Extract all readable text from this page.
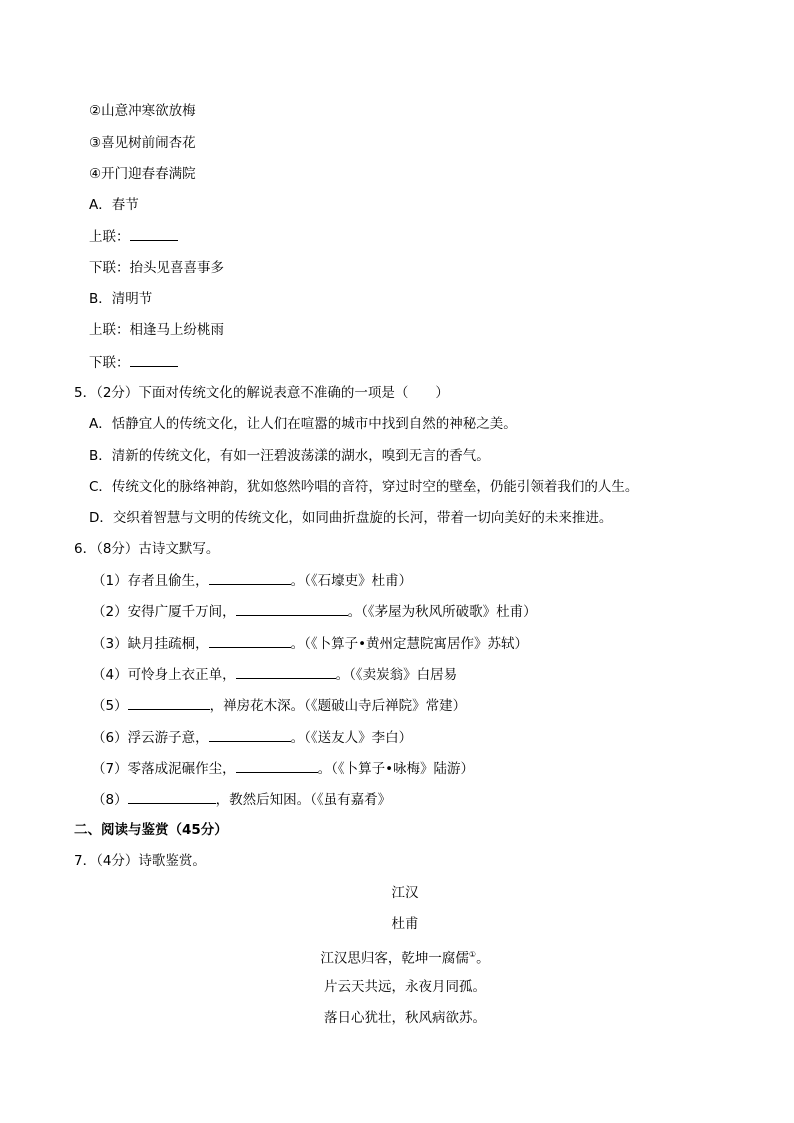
②山意冲寒欲放梅
③喜见树前闹杏花
④开门迎春春满院
A．春节
上联：
下联：抬头见喜喜事多
B．清明节
上联：相逢马上纷桃雨
下联：
5．（2分）下面对传统文化的解说表意不准确的一项是（　　）
A．恬静宜人的传统文化，让人们在喧嚣的城市中找到自然的神秘之美。
B．清新的传统文化，有如一汪碧波荡漾的湖水，嗅到无言的香气。
C．传统文化的脉络神韵，犹如悠然吟唱的音符，穿过时空的壁垒，仍能引领着我们的人生。
D．交织着智慧与文明的传统文化，如同曲折盘旋的长河，带着一切向美好的未来推进。
6．（8分）古诗文默写。
（1）存者且偷生，	。（《石壕吏》杜甫）
（2）安得广厦千万间，	。（《茅屋为秋风所破歌》杜甫）
（3）缺月挂疏桐，	。（《卜算子•黄州定慧院寓居作》苏轼）
（4）可怜身上衣正单，	。（《卖炭翁》白居易
（5）	，禅房花木深。（《题破山寺后禅院》常建）
（6）浮云游子意，	。（《送友人》李白）
（7）零落成泥碾作尘，	。（《卜算子•咏梅》陆游）
（8）	，教然后知困。（《虽有嘉肴》
二、阅读与鉴赏（45分）
7．（4分）诗歌鉴赏。
江汉
杜甫
江汉思归客，乾坤一腐儒①。
片云天共远，永夜月同孤。
落日心犹壮，秋风病欲苏。
